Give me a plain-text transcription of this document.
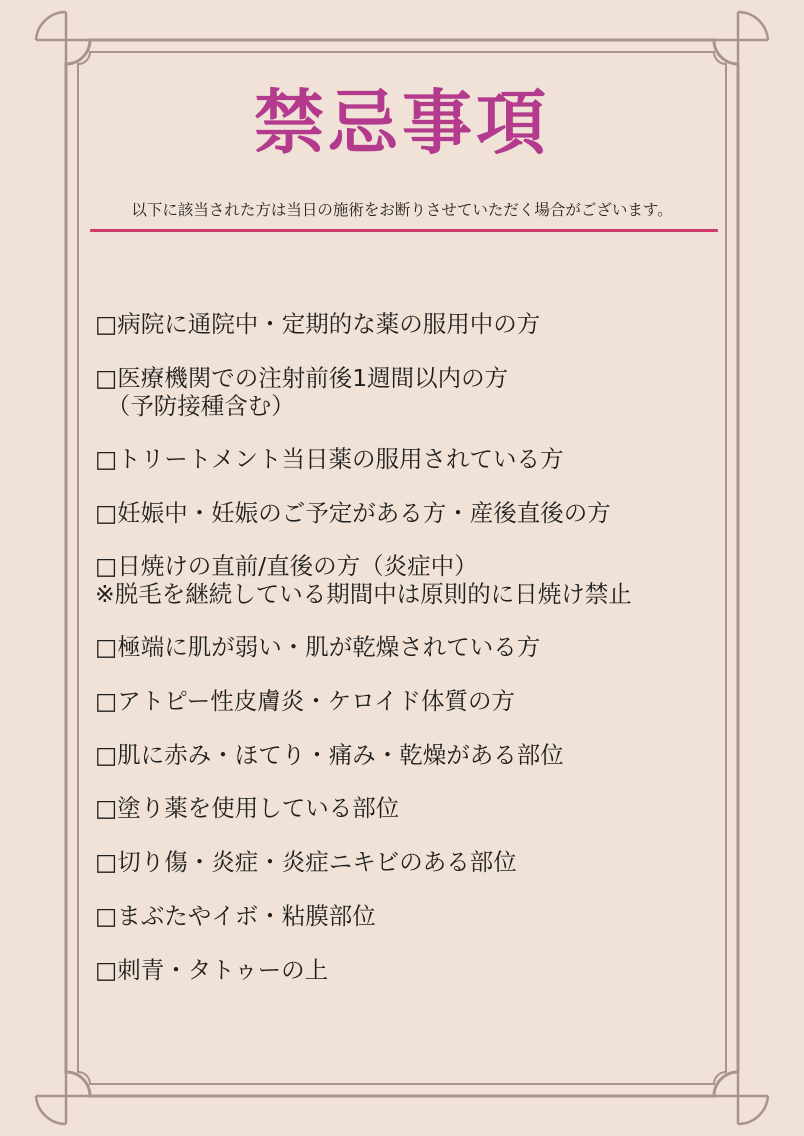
禁忌事項
以下に該当された方は当日の施術をお断りさせていただく場合がございます。
□病院に通院中・定期的な薬の服用中の方
□医療機関での注射前後1週間以内の方
　（予防接種含む）
□トリートメント当日薬の服用されている方
□妊娠中・妊娠のご予定がある方・産後直後の方
□日焼けの直前/直後の方（炎症中）
※脱毛を継続している期間中は原則的に日焼け禁止
□極端に肌が弱い・肌が乾燥されている方
□アトピー性皮膚炎・ケロイド体質の方
□肌に赤み・ほてり・痛み・乾燥がある部位
□塗り薬を使用している部位
□切り傷・炎症・炎症ニキビのある部位
□まぶたやイボ・粘膜部位
□刺青・タトゥーの上
